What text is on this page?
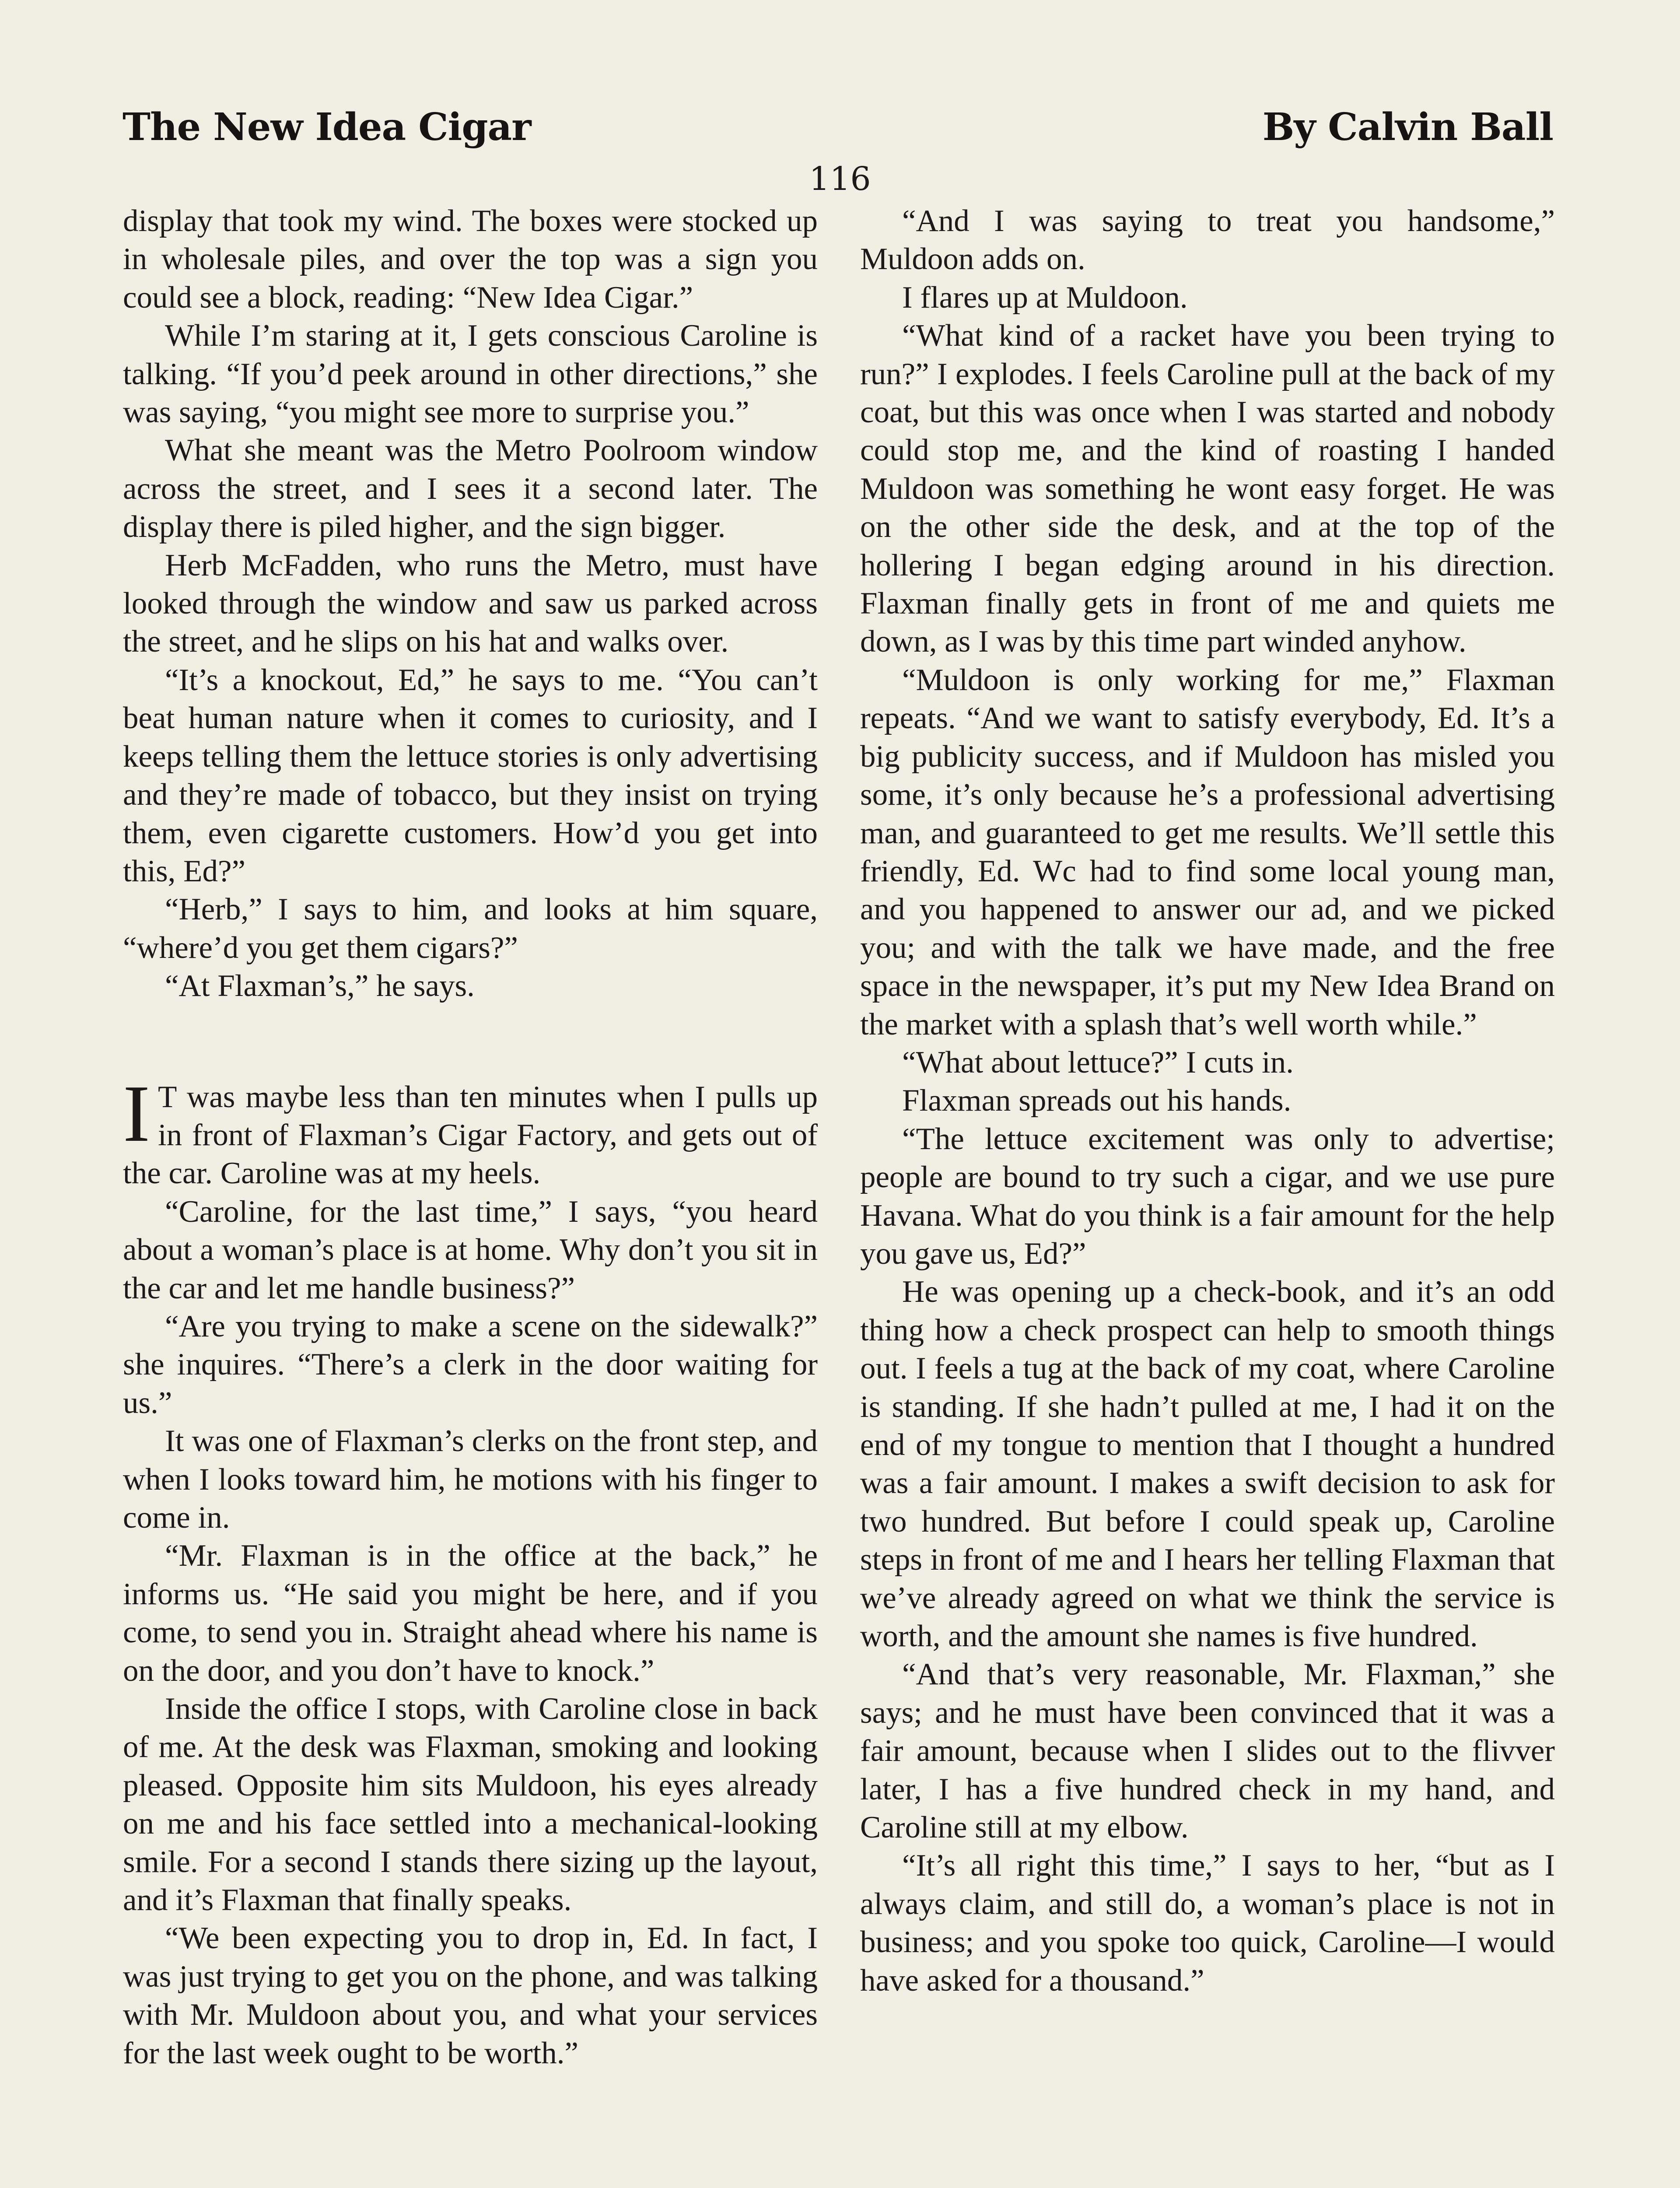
The New Idea Cigar	By Calvin Ball
116

display that took my wind. The boxes were stocked up in wholesale piles, and over the top was a sign you could see a block, reading: “New Idea Cigar.”

While I’m staring at it, I gets conscious Caroline is talking. “If you’d peek around in other directions,” she was saying, “you might see more to surprise you.”

What she meant was the Metro Poolroom window across the street, and I sees it a second later. The display there is piled higher, and the sign bigger.

Herb McFadden, who runs the Metro, must have looked through the window and saw us parked across the street, and he slips on his hat and walks over.

“It’s a knockout, Ed,” he says to me. “You can’t beat human nature when it comes to curiosity, and I keeps telling them the lettuce stories is only advertising and they’re made of tobacco, but they insist on trying them, even cigarette customers. How’d you get into this, Ed?”

“Herb,” I says to him, and looks at him square, “where’d you get them cigars?”

“At Flaxman’s,” he says.

I T was maybe less than ten minutes when I pulls up in front of Flaxman’s Cigar Factory, and gets out of the car. Caroline was at my heels.

“Caroline, for the last time,” I says, “you heard about a woman’s place is at home. Why don’t you sit in the car and let me handle business?”

“Are you trying to make a scene on the sidewalk?” she inquires. “There’s a clerk in the door waiting for us.”

It was one of Flaxman’s clerks on the front step, and when I looks toward him, he motions with his finger to come in.

“Mr. Flaxman is in the office at the back,” he informs us. “He said you might be here, and if you come, to send you in. Straight ahead where his name is on the door, and you don’t have to knock.”

Inside the office I stops, with Caroline close in back of me. At the desk was Flaxman, smoking and looking pleased. Opposite him sits Muldoon, his eyes already on me and his face settled into a mechanical-looking smile. For a second I stands there sizing up the layout, and it’s Flaxman that finally speaks.

“We been expecting you to drop in, Ed. In fact, I was just trying to get you on the phone, and was talking with Mr. Muldoon about you, and what your services for the last week ought to be worth.”

“And I was saying to treat you handsome,” Muldoon adds on.

I flares up at Muldoon.

“What kind of a racket have you been trying to run?” I explodes. I feels Caroline pull at the back of my coat, but this was once when I was started and nobody could stop me, and the kind of roasting I handed Muldoon was something he wont easy forget. He was on the other side the desk, and at the top of the hollering I began edging around in his direction. Flaxman finally gets in front of me and quiets me down, as I was by this time part winded anyhow.

“Muldoon is only working for me,” Flaxman repeats. “And we want to satisfy everybody, Ed. It’s a big publicity success, and if Muldoon has misled you some, it’s only because he’s a professional advertising man, and guaranteed to get me results. We’ll settle this friendly, Ed. Wc had to find some local young man, and you happened to answer our ad, and we picked you; and with the talk we have made, and the free space in the newspaper, it’s put my New Idea Brand on the market with a splash that’s well worth while.”

“What about lettuce?” I cuts in.

Flaxman spreads out his hands.

“The lettuce excitement was only to advertise; people are bound to try such a cigar, and we use pure Havana. What do you think is a fair amount for the help you gave us, Ed?”

He was opening up a check-book, and it’s an odd thing how a check prospect can help to smooth things out. I feels a tug at the back of my coat, where Caroline is standing. If she hadn’t pulled at me, I had it on the end of my tongue to mention that I thought a hundred was a fair amount. I makes a swift decision to ask for two hundred. But before I could speak up, Caroline steps in front of me and I hears her telling Flaxman that we’ve already agreed on what we think the service is worth, and the amount she names is five hundred.

“And that’s very reasonable, Mr. Flaxman,” she says; and he must have been convinced that it was a fair amount, because when I slides out to the flivver later, I has a five hundred check in my hand, and Caroline still at my elbow.

“It’s all right this time,” I says to her, “but as I always claim, and still do, a woman’s place is not in business; and you spoke too quick, Caroline—I would have asked for a thousand.”
